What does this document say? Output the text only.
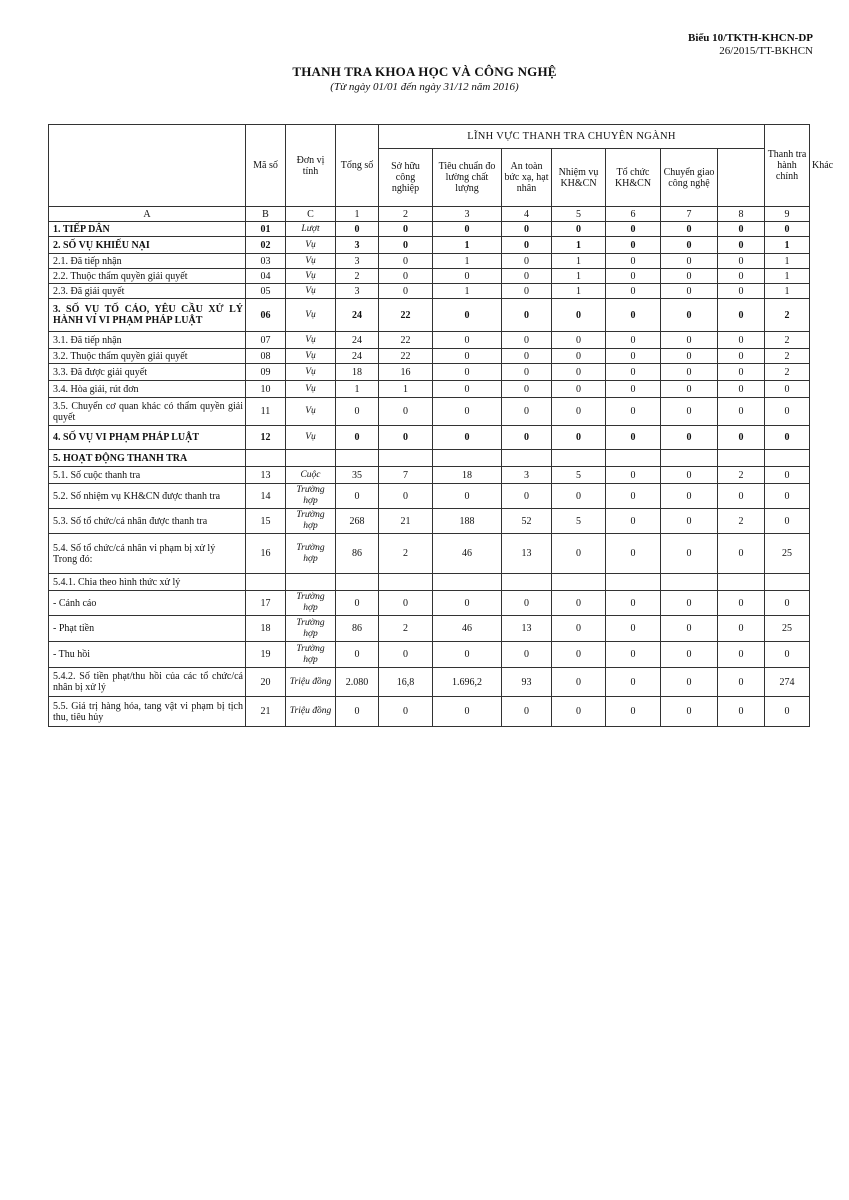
Biểu 10/TKTH-KHCN-DP
26/2015/TT-BKHCN
THANH TRA KHOA HỌC VÀ CÔNG NGHỆ
(Từ ngày 01/01 đến ngày 31/12 năm 2016)
	Mã số	Đơn vị tính	Tổng số	LĨNH VỰC THANH TRA CHUYÊN NGÀNH							Thanh tra hành chính	Khác
				Sở hữu công nghiệp	Tiêu chuẩn đo lường chất lượng	An toàn bức xạ, hạt nhân	Nhiệm vụ KH&CN	Tổ chức KH&CN	Chuyển giao công nghệ			
A	B	C	1	2	3	4	5	6	7	8	9	
1. TIẾP DÂN	01	Lượt	0	0	0	0	0	0	0	0	0	
2. SỐ VỤ KHIẾU NẠI	02	Vụ	3	0	1	0	1	0	0	0	1	
2.1. Đã tiếp nhận	03	Vụ	3	0	1	0	1	0	0	0	1	
2.2. Thuộc thẩm quyền giải quyết	04	Vụ	2	0	0	0	1	0	0	0	1	
2.3. Đã giải quyết	05	Vụ	3	0	1	0	1	0	0	0	1	
3. SỐ VỤ TỐ CÁO, YÊU CẦU XỬ LÝ HÀNH VI VI PHẠM PHÁP LUẬT	06	Vụ	24	22	0	0	0	0	0	0	2	
3.1. Đã tiếp nhận	07	Vụ	24	22	0	0	0	0	0	0	2	
3.2. Thuộc thẩm quyền giải quyết	08	Vụ	24	22	0	0	0	0	0	0	2	
3.3. Đã được giải quyết	09	Vụ	18	16	0	0	0	0	0	0	2	
3.4. Hòa giải, rút đơn	10	Vụ	1	1	0	0	0	0	0	0	0	
3.5. Chuyển cơ quan khác có thẩm quyền giải quyết	11	Vụ	0	0	0	0	0	0	0	0	0	
4. SỐ VỤ VI PHẠM PHÁP LUẬT	12	Vụ	0	0	0	0	0	0	0	0	0	
5. HOẠT ĐỘNG THANH TRA												
5.1. Số cuộc thanh tra	13	Cuộc	35	7	18	3	5	0	0	2	0	
5.2. Số nhiệm vụ KH&CN được thanh tra	14	Trường hợp	0	0	0	0	0	0	0	0	0	
5.3. Số tổ chức/cá nhân được thanh tra	15	Trường hợp	268	21	188	52	5	0	0	2	0	
5.4. Số tổ chức/cá nhân vi phạm bị xử lý
Trong đó:	16	Trường hợp	86	2	46	13	0	0	0	0	25	
5.4.1. Chia theo hình thức xử lý												
- Cảnh cáo	17	Trường hợp	0	0	0	0	0	0	0	0	0	
- Phạt tiền	18	Trường hợp	86	2	46	13	0	0	0	0	25	
- Thu hồi	19	Trường hợp	0	0	0	0	0	0	0	0	0	
5.4.2. Số tiền phạt/thu hồi của các tổ chức/cá nhân bị xử lý	20	Triệu đồng	2.080	16,8	1.696,2	93	0	0	0	0	274	
5.5. Giá trị hàng hóa, tang vật vi phạm bị tịch thu, tiêu hủy	21	Triệu đồng	0	0	0	0	0	0	0	0	0	
